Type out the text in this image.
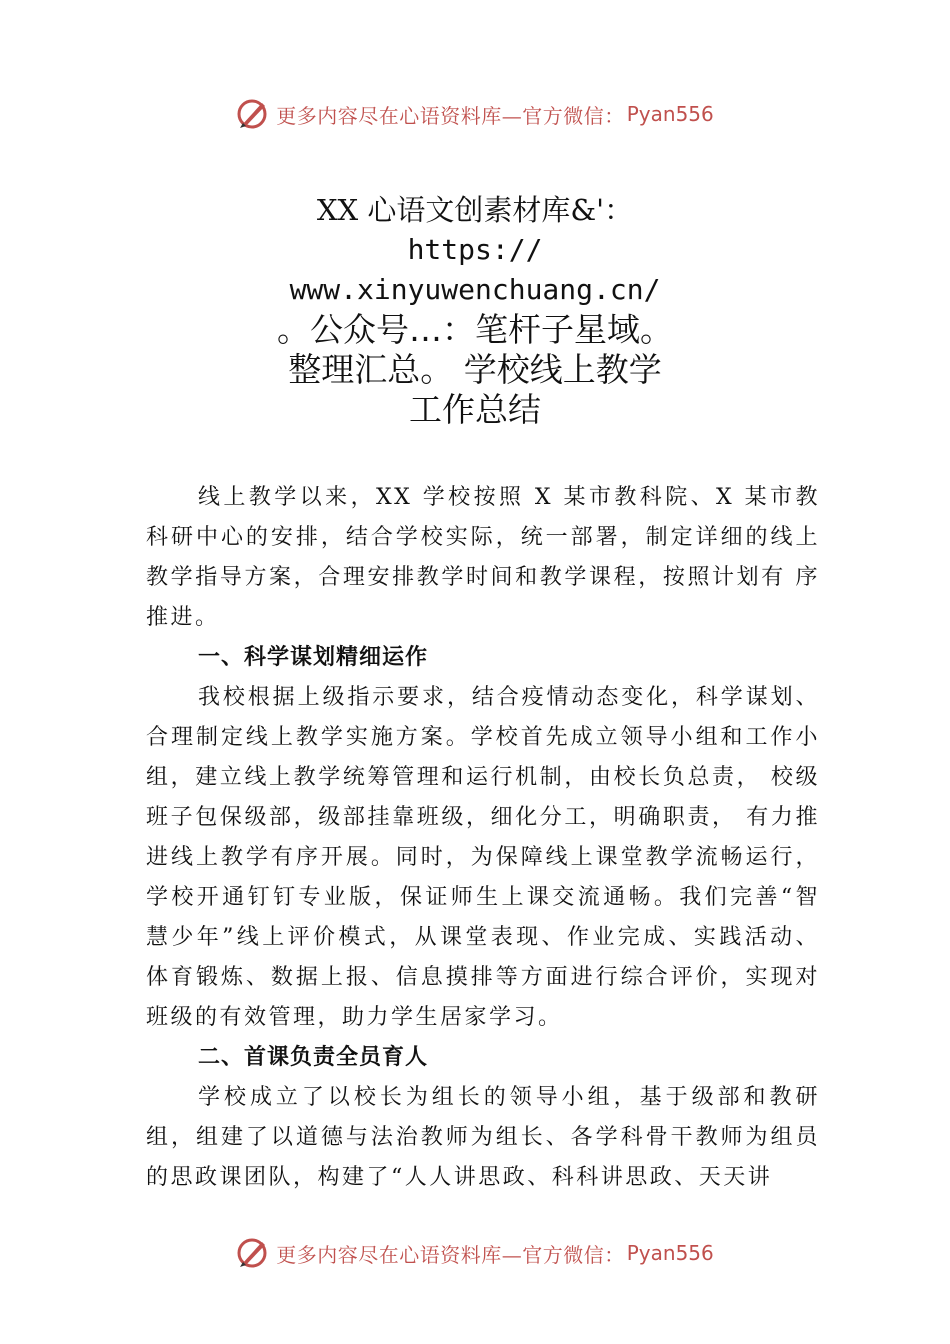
更多内容尽在心语资料库—官方微信： Pyan556
XX 心语文创素材库&'：
https://
www.xinyuwenchuang.cn/
。公众号…：笔杆子星域。
整理汇总。 学校线上教学
工作总结

线上教学以来，XX 学校按照 X 某市教科院、X 某市教科研中心的安排，结合学校实际，统一部署，制定详细的线上教学指导方案，合理安排教学时间和教学课程，按照计划有 序推进。

一、科学谋划精细运作

我校根据上级指示要求，结合疫情动态变化，科学谋划、合理制定线上教学实施方案。学校首先成立领导小组和工作小组，建立线上教学统筹管理和运行机制，由校长负总责， 校级班子包保级部，级部挂靠班级，细化分工，明确职责， 有力推进线上教学有序开展。同时，为保障线上课堂教学流畅运行，学校开通钉钉专业版，保证师生上课交流通畅。我们完善“智慧少年”线上评价模式，从课堂表现、作业完成、实践活动、体育锻炼、数据上报、信息摸排等方面进行综合评价，实现对班级的有效管理，助力学生居家学习。

二、首课负责全员育人

学校成立了以校长为组长的领导小组，基于级部和教研组，组建了以道德与法治教师为组长、各学科骨干教师为组员的思政课团队，构建了“人人讲思政、科科讲思政、天天讲

更多内容尽在心语资料库—官方微信： Pyan556
